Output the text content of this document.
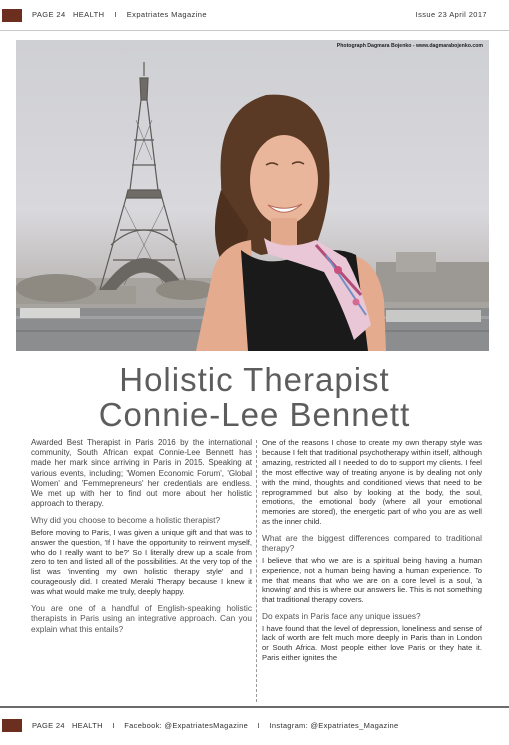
PAGE 24 HEALTH I Expatriates Magazine	Issue 23 April 2017
Photograph Dagmara Bojenko - www.dagmarabojenko.com
Holistic Therapist
Connie-Lee Bennett

Awarded Best Therapist in Paris 2016 by the international community, South African expat Connie-Lee Bennett has made her mark since arriving in Paris in 2015. Speaking at various events, including; 'Women Economic Forum', 'Global Women' and 'Femmepreneurs' her credentials are endless. We met up with her to find out more about her holistic approach to therapy.

Why did you choose to become a holistic therapist?

Before moving to Paris, I was given a unique gift and that was to answer the question, 'If I have the opportunity to reinvent myself, who do I really want to be?' So I literally drew up a scale from zero to ten and listed all of the possibilities. At the very top of the list was 'inventing my own holistic therapy style' and I courageously did. I created Meraki Therapy because I knew it was what would make me truly, deeply happy.

You are one of a handful of English-speaking holistic therapists in Paris using an integrative approach. Can you explain what this entails?

One of the reasons I chose to create my own therapy style was because I felt that traditional psychotherapy within itself, although amazing, restricted all I needed to do to support my clients. I feel the most effective way of treating anyone is by dealing not only with the mind, thoughts and conditioned views that need to be reprogrammed but also by looking at the body, the soul, emotions, the emotional body (where all your emotional memories are stored), the energetic part of who you are as well as the inner child.

What are the biggest differences compared to traditional therapy?

I believe that who we are is a spiritual being having a human experience, not a human being having a human experience. To me that means that who we are on a core level is a soul, 'a knowing' and this is where our answers lie. This is not something that traditional therapy covers.

Do expats in Paris face any unique issues?

I have found that the level of depression, loneliness and sense of lack of worth are felt much more deeply in Paris than in London or South Africa. Most people either love Paris or they hate it. Paris either ignites the

PAGE 24 HEALTH I Facebook: @ExpatriatesMagazine I Instagram: @Expatriates_Magazine
